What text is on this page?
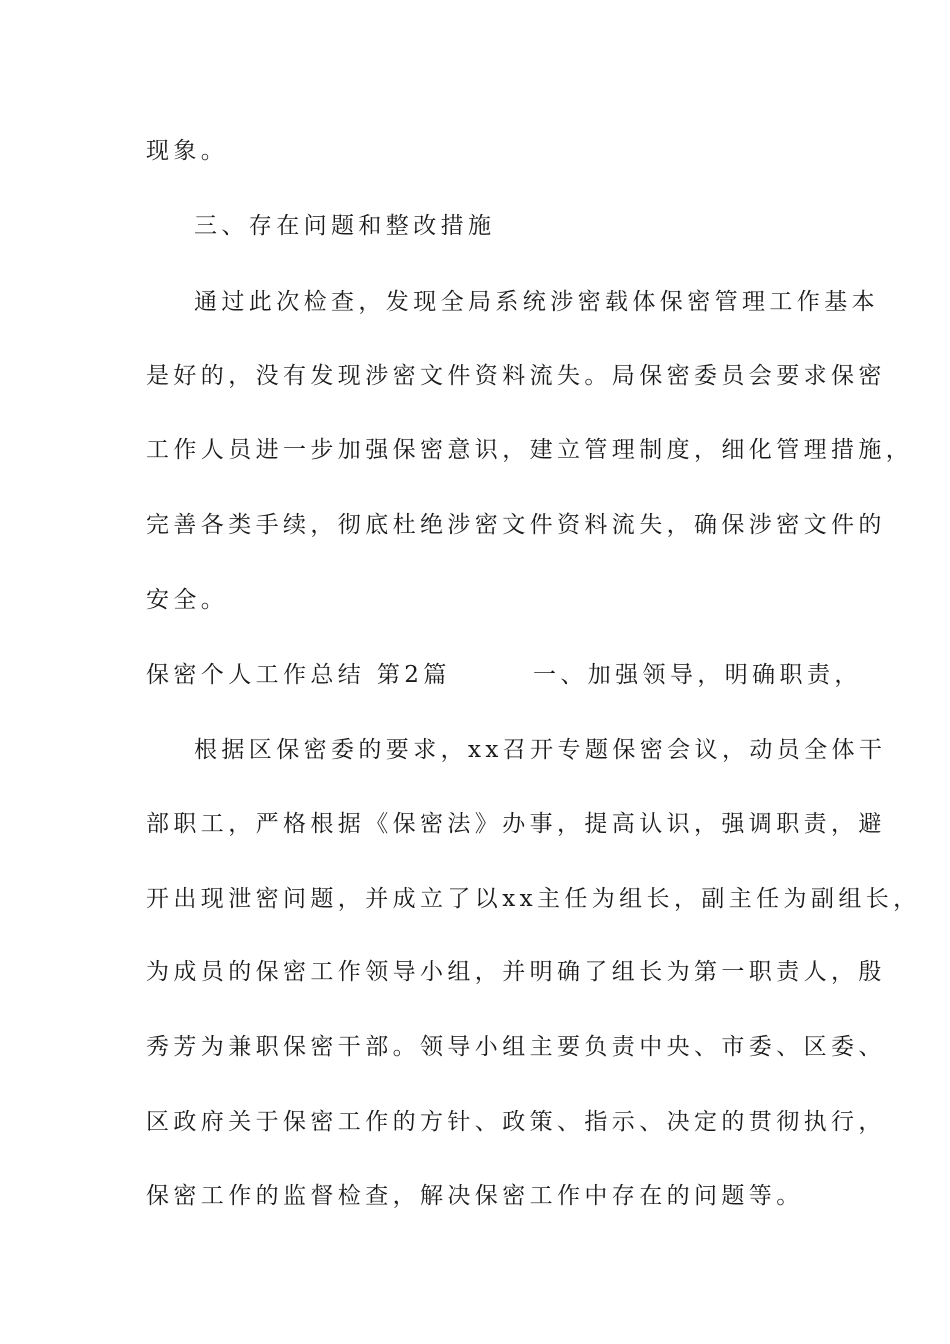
现象。
三、存在问题和整改措施
通过此次检查，发现全局系统涉密载体保密管理工作基本
是好的，没有发现涉密文件资料流失。局保密委员会要求保密
工作人员进一步加强保密意识，建立管理制度，细化管理措施，
完善各类手续，彻底杜绝涉密文件资料流失，确保涉密文件的
安全。
保密个人工作总结 第2篇　　　一、加强领导，明确职责，
根据区保密委的要求，xx召开专题保密会议，动员全体干
部职工，严格根据《保密法》办事，提高认识，强调职责，避
开出现泄密问题，并成立了以xx主任为组长，副主任为副组长，
为成员的保密工作领导小组，并明确了组长为第一职责人，殷
秀芳为兼职保密干部。领导小组主要负责中央、市委、区委、
区政府关于保密工作的方针、政策、指示、决定的贯彻执行，
保密工作的监督检查，解决保密工作中存在的问题等。
